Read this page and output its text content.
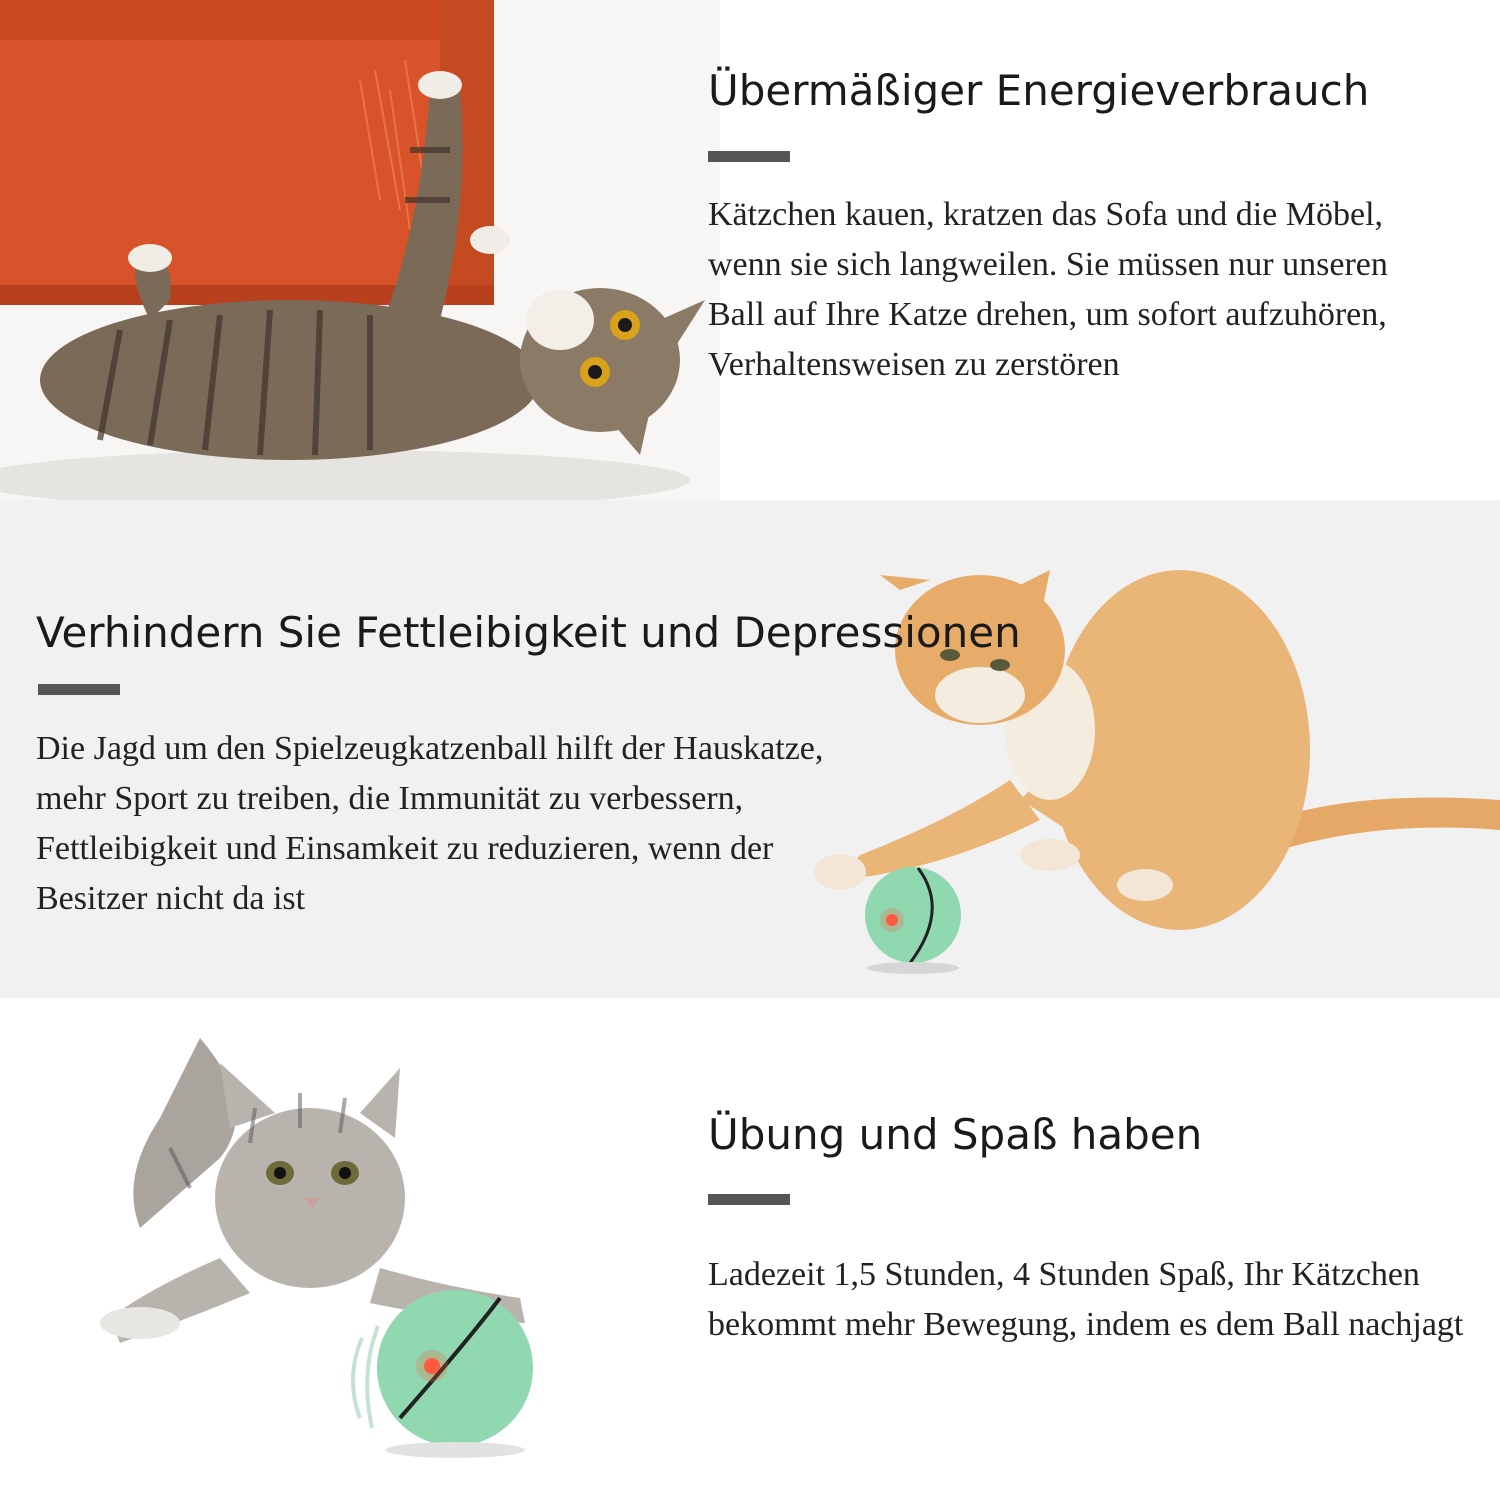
Übermäßiger Energieverbrauch
Kätzchen kauen, kratzen das Sofa und die Möbel,
wenn sie sich langweilen. Sie müssen nur unseren
Ball auf Ihre Katze drehen, um sofort aufzuhören,
Verhaltensweisen zu zerstören
Verhindern Sie Fettleibigkeit und Depressionen
Die Jagd um den Spielzeugkatzenball hilft der Hauskatze,
mehr Sport zu treiben, die Immunität zu verbessern,
Fettleibigkeit und Einsamkeit zu reduzieren, wenn der
Besitzer nicht da ist
Übung und Spaß haben
Ladezeit 1,5 Stunden, 4 Stunden Spaß, Ihr Kätzchen
bekommt mehr Bewegung, indem es dem Ball nachjagt
